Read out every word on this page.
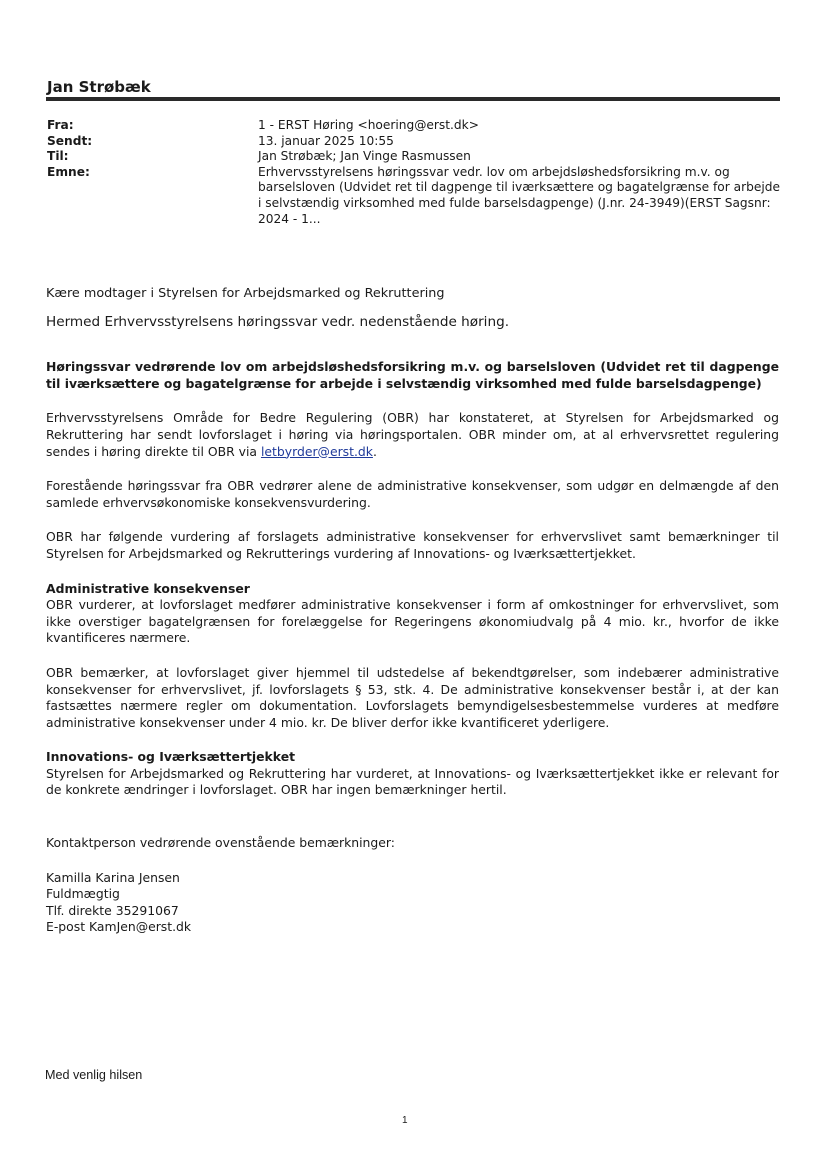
Jan Strøbæk
Fra:	1 - ERST Høring <hoering@erst.dk>
Sendt:	13. januar 2025 10:55
Til:	Jan Strøbæk; Jan Vinge Rasmussen
Emne:	Erhvervsstyrelsens høringssvar vedr. lov om arbejdsløshedsforsikring m.v. og barselsloven (Udvidet ret til dagpenge til iværksættere og bagatelgrænse for arbejde i selvstændig virksomhed med fulde barselsdagpenge) (J.nr. 24-3949)(ERST Sagsnr: 2024 - 1...

Kære modtager i Styrelsen for Arbejdsmarked og Rekruttering

Hermed Erhvervsstyrelsens høringssvar vedr. nedenstående høring.

Høringssvar vedrørende lov om arbejdsløshedsforsikring m.v. og barselsloven (Udvidet ret til dagpenge til iværksættere og bagatelgrænse for arbejde i selvstændig virksomhed med fulde barselsdagpenge)

Erhvervsstyrelsens Område for Bedre Regulering (OBR) har konstateret, at Styrelsen for Arbejdsmarked og Rekruttering har sendt lovforslaget i høring via høringsportalen. OBR minder om, at al erhvervsrettet regulering sendes i høring direkte til OBR via letbyrder@erst.dk.

Forestående høringssvar fra OBR vedrører alene de administrative konsekvenser, som udgør en delmængde af den samlede erhvervsøkonomiske konsekvensvurdering.

OBR har følgende vurdering af forslagets administrative konsekvenser for erhvervslivet samt bemærkninger til Styrelsen for Arbejdsmarked og Rekrutterings vurdering af Innovations- og Iværksættertjekket.

Administrative konsekvenser

OBR vurderer, at lovforslaget medfører administrative konsekvenser i form af omkostninger for erhvervslivet, som ikke overstiger bagatelgrænsen for forelæggelse for Regeringens økonomiudvalg på 4 mio. kr., hvorfor de ikke kvantificeres nærmere.

OBR bemærker, at lovforslaget giver hjemmel til udstedelse af bekendtgørelser, som indebærer administrative konsekvenser for erhvervslivet, jf. lovforslagets § 53, stk. 4. De administrative konsekvenser består i, at der kan fastsættes nærmere regler om dokumentation. Lovforslagets bemyndigelsesbestemmelse vurderes at medføre administrative konsekvenser under 4 mio. kr. De bliver derfor ikke kvantificeret yderligere.

Innovations- og Iværksættertjekket

Styrelsen for Arbejdsmarked og Rekruttering har vurderet, at Innovations- og Iværksættertjekket ikke er relevant for de konkrete ændringer i lovforslaget. OBR har ingen bemærkninger hertil.

Kontaktperson vedrørende ovenstående bemærkninger:

Kamilla Karina Jensen

Fuldmægtig

Tlf. direkte 35291067

E-post KamJen@erst.dk

Med venlig hilsen
1
